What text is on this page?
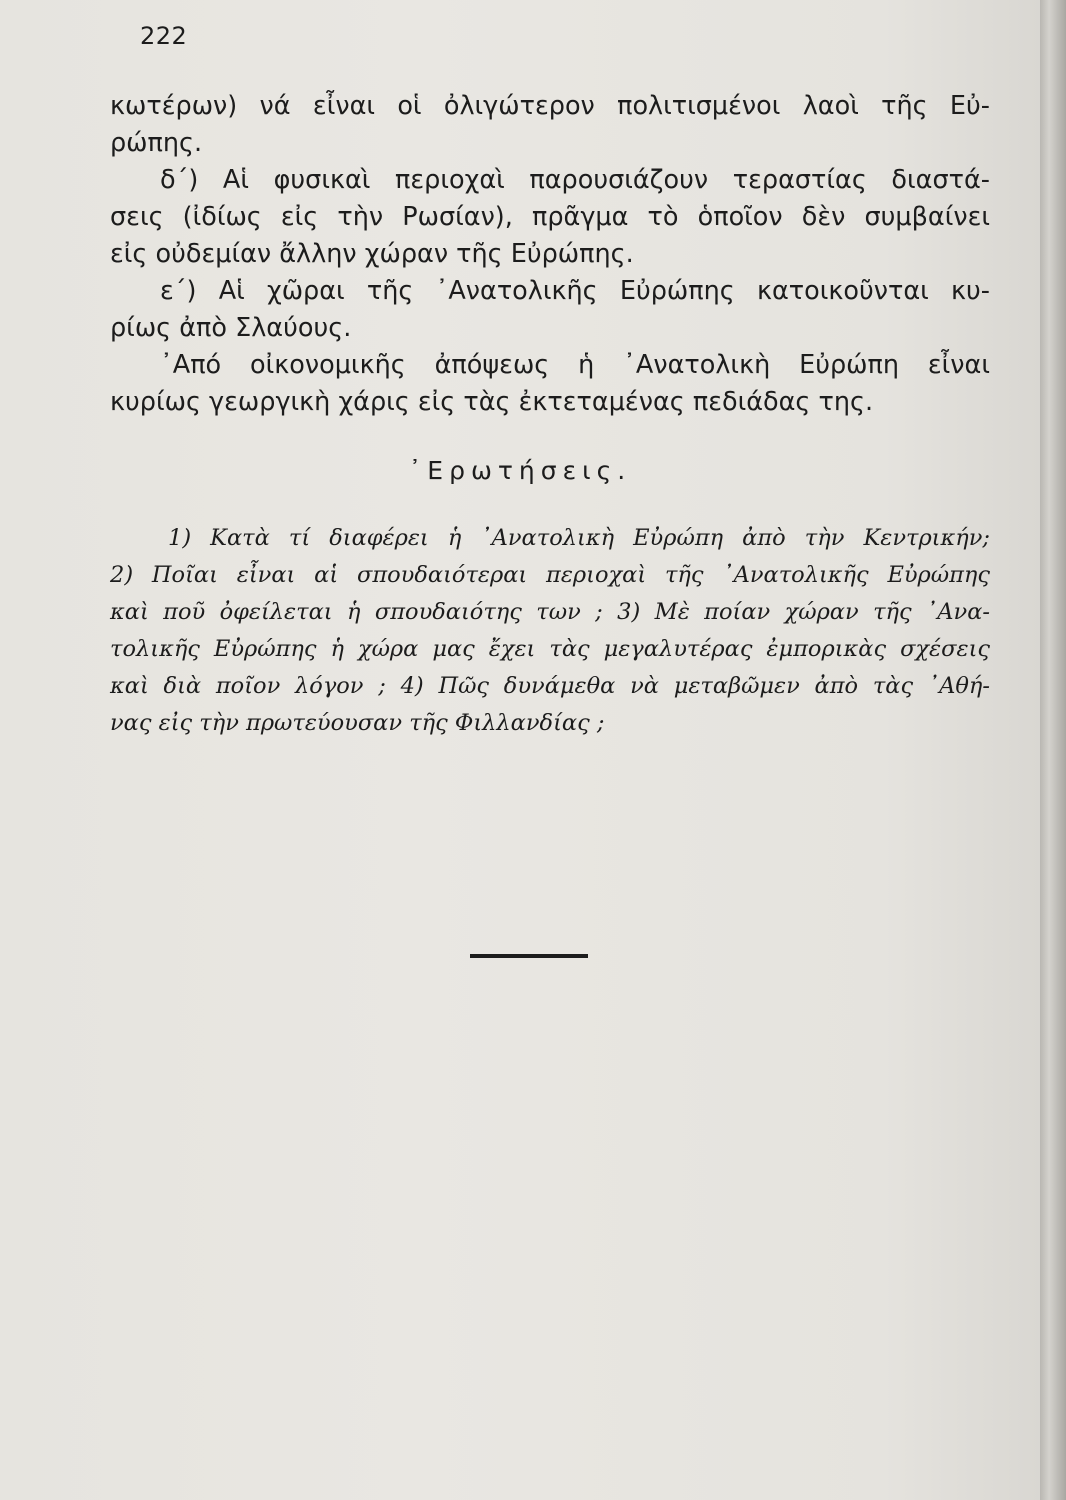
222
κωτέρων) νά εἶναι οἱ ὀλιγώτερον πολιτισμένοι λαοὶ τῆς Εὐ-
ρώπης.
δ΄) Αἱ φυσικαὶ περιοχαὶ παρουσιάζουν τεραστίας διαστά-
σεις (ἰδίως εἰς τὴν Ρωσίαν), πρᾶγμα τὸ ὁποῖον δὲν συμβαίνει
εἰς οὐδεμίαν ἄλλην χώραν τῆς Εὐρώπης.
ε΄) Αἱ χῶραι τῆς ᾿Ανατολικῆς Εὐρώπης κατοικοῦνται κυ-
ρίως ἀπὸ Σλαύους.
᾿Από οἰκονομικῆς ἀπόψεως ἡ ᾿Ανατολικὴ Εὐρώπη εἶναι
κυρίως γεωργικὴ χάρις εἰς τὰς ἐκτεταμένας πεδιάδας της.
᾿Ερωτήσεις.
1) Κατὰ τί διαφέρει ἡ ᾿Ανατολικὴ Εὐρώπη ἀπὸ τὴν Κεντρικήν;
2) Ποῖαι εἶναι αἱ σπουδαιότεραι περιοχαὶ τῆς ᾿Ανατολικῆς Εὐρώπης
καὶ ποῦ ὀφείλεται ἡ σπουδαιότης των ; 3) Μὲ ποίαν χώραν τῆς ᾿Ανα-
τολικῆς Εὐρώπης ἡ χώρα μας ἔχει τὰς μεγαλυτέρας ἐμπορικὰς σχέσεις
καὶ διὰ ποῖον λόγον ; 4) Πῶς δυνάμεθα νὰ μεταβῶμεν ἀπὸ τὰς ᾿Αθή-
νας εἰς τὴν πρωτεύουσαν τῆς Φιλλανδίας ;
